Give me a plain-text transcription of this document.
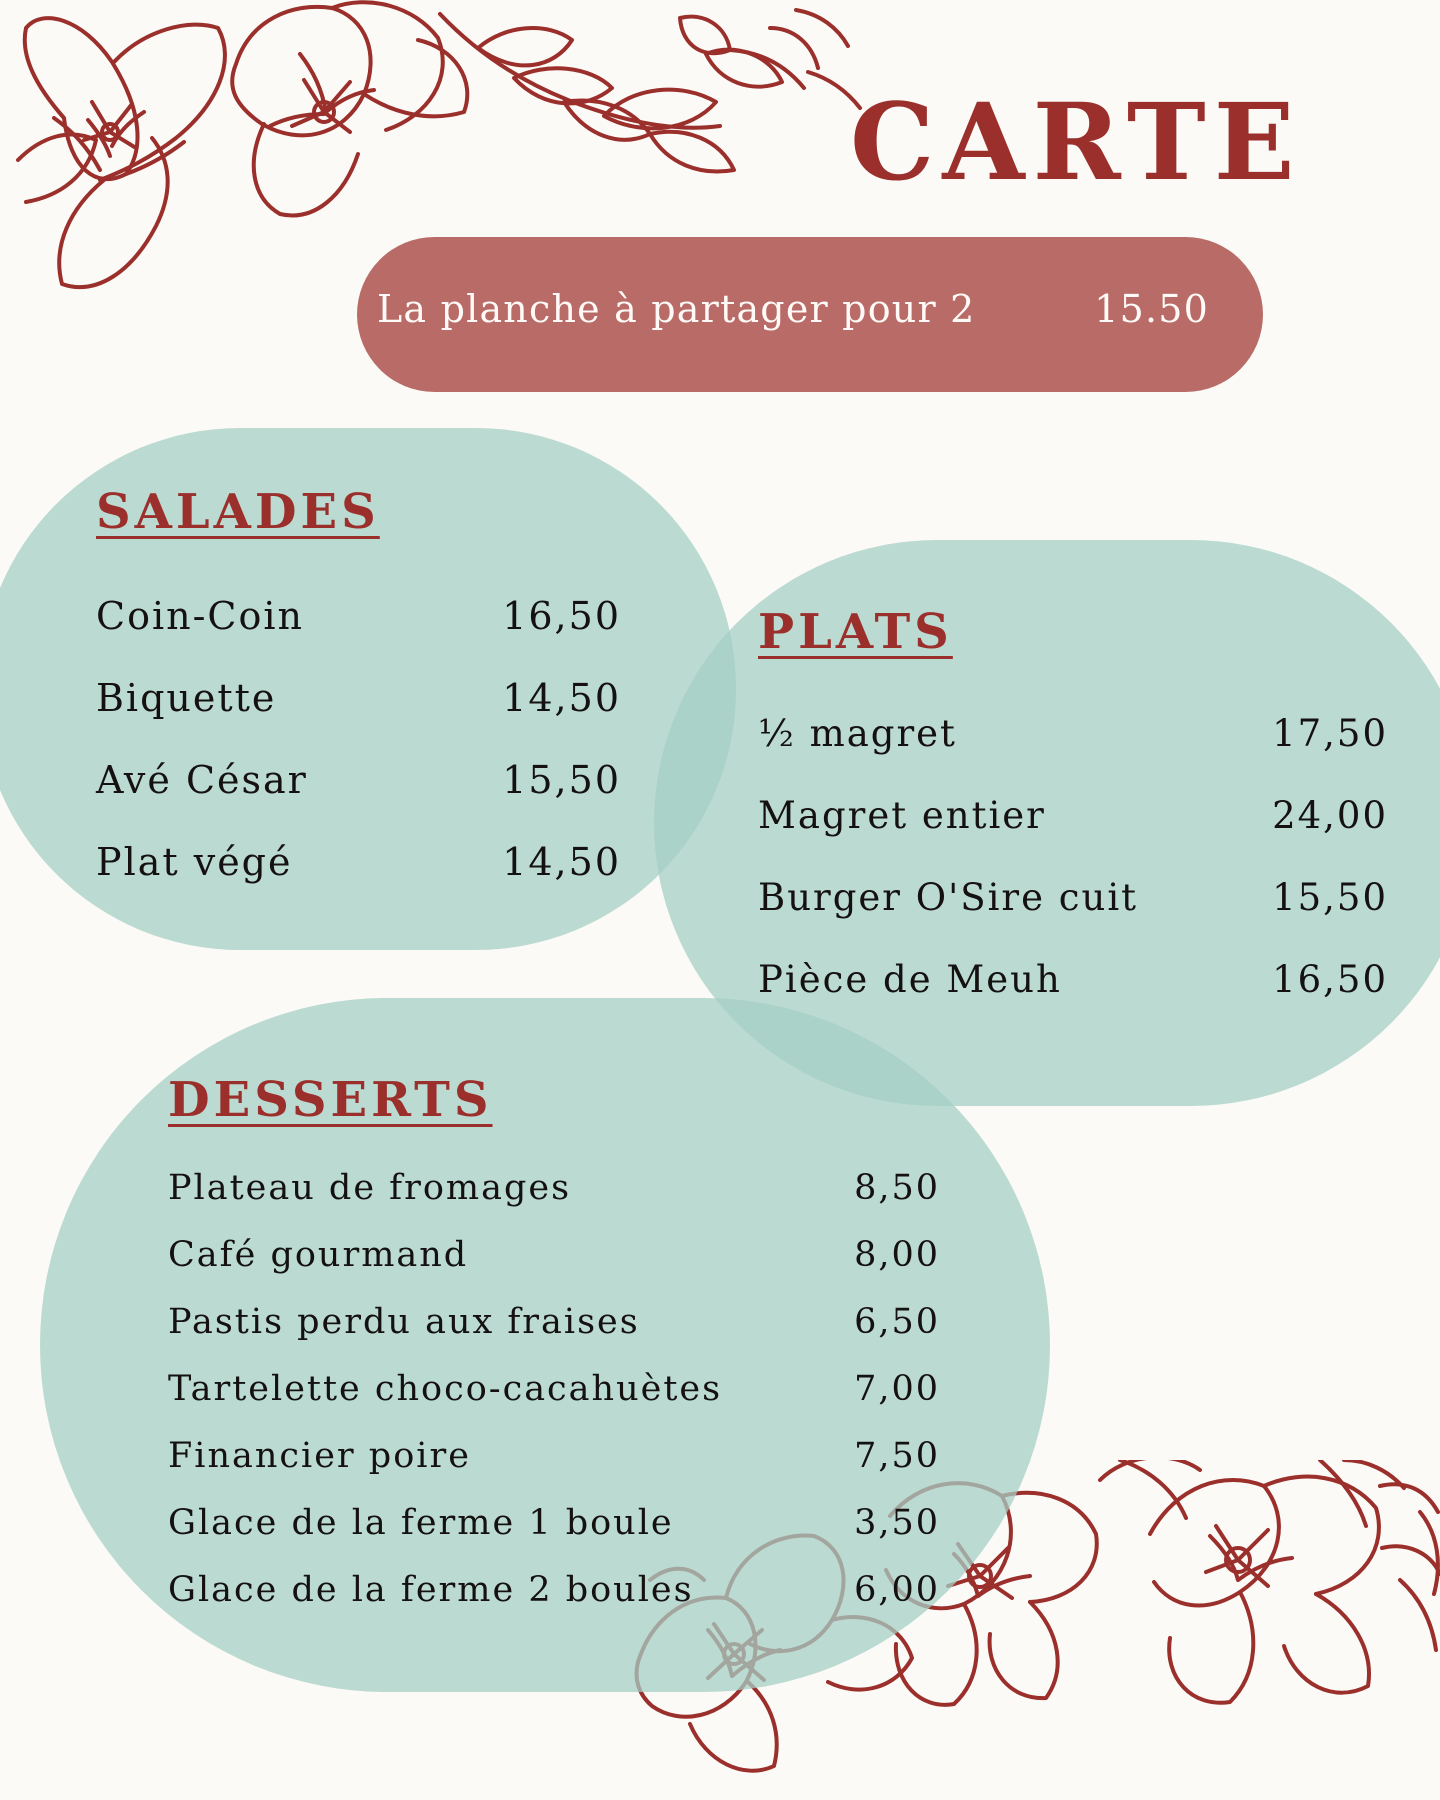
CARTE
La planche à partager pour 2	15.50
SALADES
Coin-Coin	16,50
Biquette	14,50
Avé César	15,50
Plat végé	14,50
PLATS
½ magret	17,50
Magret entier	24,00
Burger O'Sire cuit	15,50
Pièce de Meuh	16,50
DESSERTS
Plateau de fromages	8,50
Café gourmand	8,00
Pastis perdu aux fraises	6,50
Tartelette choco-cacahuètes	7,00
Financier poire	7,50
Glace de la ferme 1 boule	3,50
Glace de la ferme 2 boules	6,00
